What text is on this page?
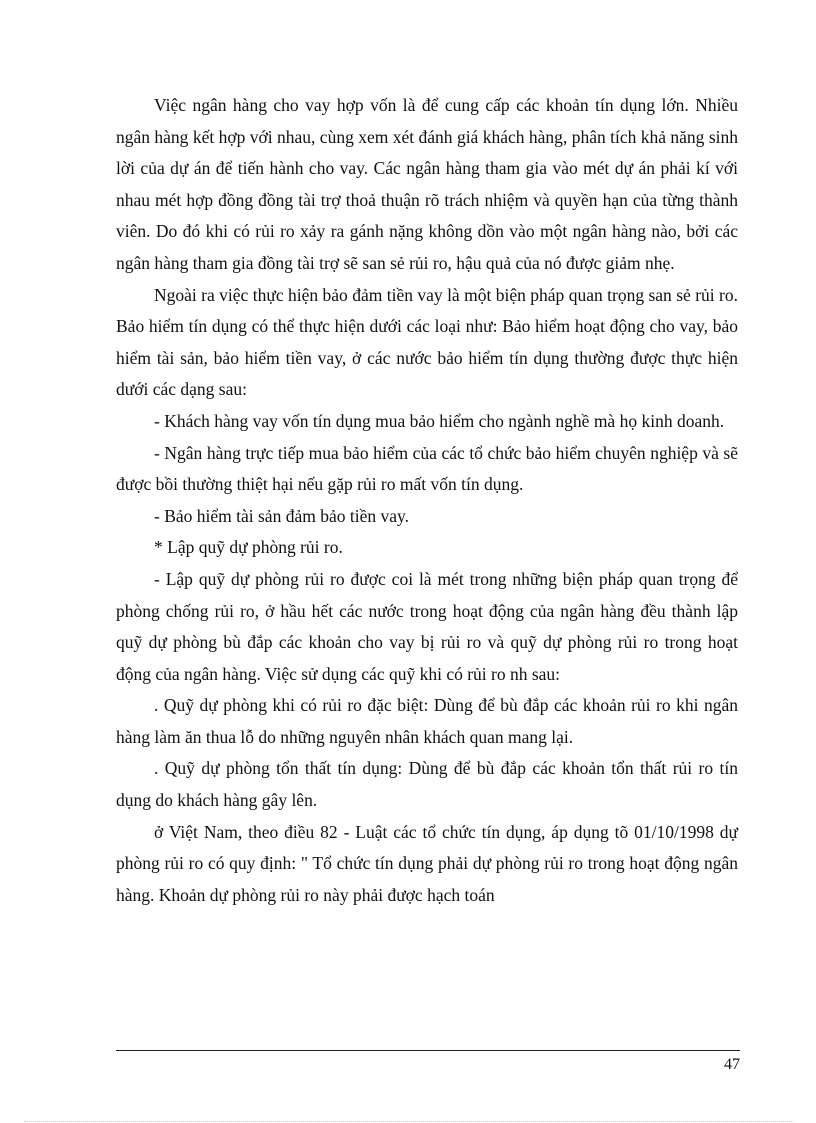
Việc ngân hàng cho vay hợp vốn là để cung cấp các khoản tín dụng lớn. Nhiều ngân hàng kết hợp với nhau, cùng xem xét đánh giá khách hàng, phân tích khả năng sinh lời của dự án để tiến hành cho vay. Các ngân hàng tham gia vào mét dự án phải kí với nhau mét hợp đồng đồng tài trợ thoả thuận rõ trách nhiệm và quyền hạn của từng thành viên. Do đó khi có rủi ro xảy ra gánh nặng không dồn vào một ngân hàng nào, bởi các ngân hàng tham gia đồng tài trợ sẽ san sẻ rủi ro, hậu quả của nó được giảm nhẹ.

Ngoài ra việc thực hiện bảo đảm tiền vay là một biện pháp quan trọng san sẻ rủi ro. Bảo hiểm tín dụng có thể thực hiện dưới các loại như: Bảo hiểm hoạt động cho vay, bảo hiểm tài sản, bảo hiểm tiền vay, ở các nước bảo hiểm tín dụng thường được thực hiện dưới các dạng sau:

- Khách hàng vay vốn tín dụng mua bảo hiểm cho ngành nghề mà họ kinh doanh.

- Ngân hàng trực tiếp mua bảo hiểm của các tổ chức bảo hiểm chuyên nghiệp và sẽ được bồi thường thiệt hại nếu gặp rủi ro mất vốn tín dụng.

- Bảo hiểm tài sản đảm bảo tiền vay.

* Lập quỹ dự phòng rủi ro.

- Lập quỹ dự phòng rủi ro được coi là mét trong những biện pháp quan trọng để phòng chống rủi ro, ở hầu hết các nước trong hoạt động của ngân hàng đều thành lập quỹ dự phòng bù đắp các khoản cho vay bị rủi ro và quỹ dự phòng rủi ro trong hoạt động của ngân hàng. Việc sử dụng các quỹ khi có rủi ro nh sau:

. Quỹ dự phòng khi có rủi ro đặc biệt: Dùng để bù đắp các khoản rủi ro khi ngân hàng làm ăn thua lỗ do những nguyên nhân khách quan mang lại.

. Quỹ dự phòng tổn thất tín dụng: Dùng để bù đắp các khoản tổn thất rủi ro tín dụng do khách hàng gây lên.

ở Việt Nam, theo điều 82 - Luật các tổ chức tín dụng, áp dụng tõ 01/10/1998 dự phòng rủi ro có quy định: " Tổ chức tín dụng phải dự phòng rủi ro trong hoạt động ngân hàng. Khoản dự phòng rủi ro này phải được hạch toán

47
